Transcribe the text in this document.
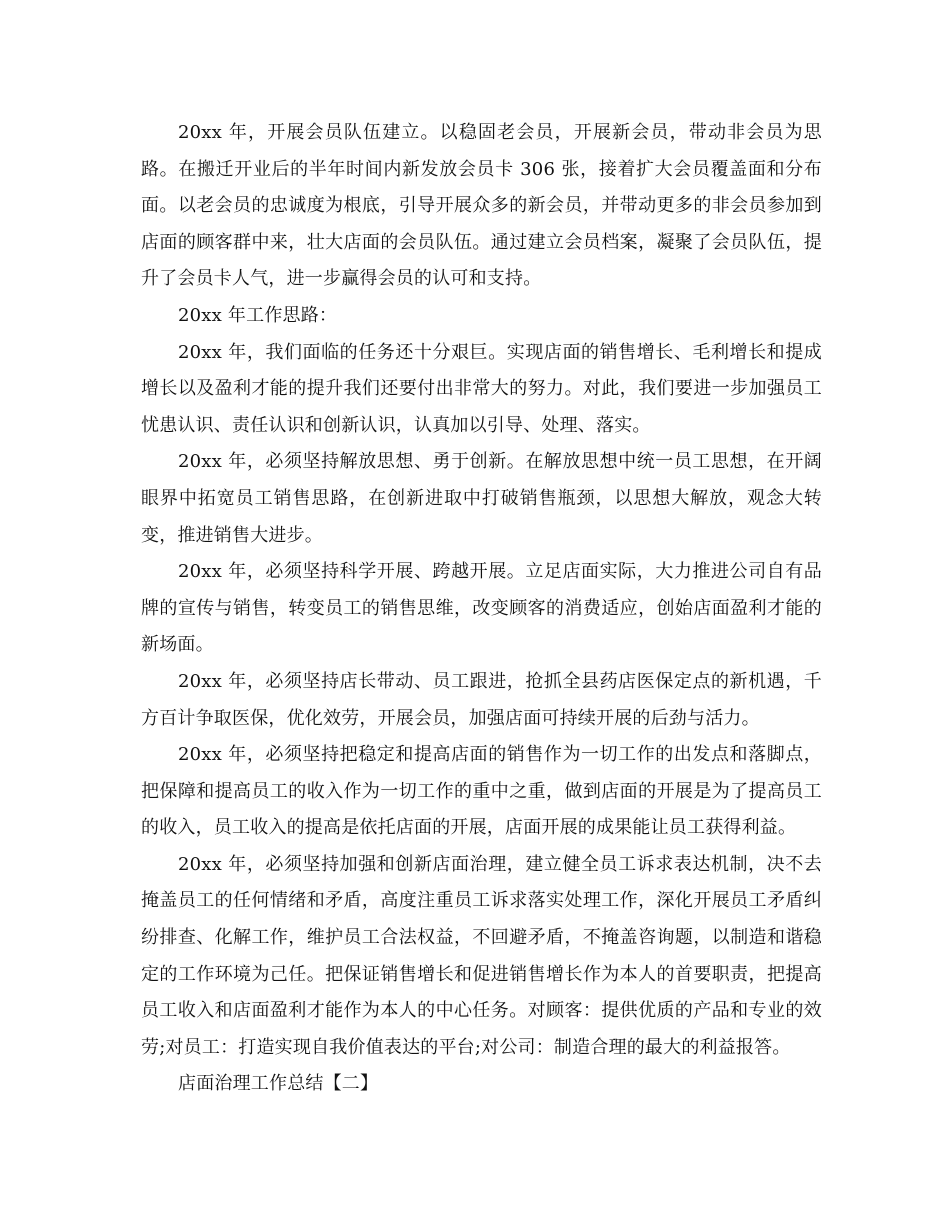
20xx 年，开展会员队伍建立。以稳固老会员，开展新会员，带动非会员为思路。在搬迁开业后的半年时间内新发放会员卡 306 张，接着扩大会员覆盖面和分布面。以老会员的忠诚度为根底，引导开展众多的新会员，并带动更多的非会员参加到店面的顾客群中来，壮大店面的会员队伍。通过建立会员档案，凝聚了会员队伍，提升了会员卡人气，进一步赢得会员的认可和支持。

20xx 年工作思路：

20xx 年，我们面临的任务还十分艰巨。实现店面的销售增长、毛利增长和提成增长以及盈利才能的提升我们还要付出非常大的努力。对此，我们要进一步加强员工忧患认识、责任认识和创新认识，认真加以引导、处理、落实。

20xx 年，必须坚持解放思想、勇于创新。在解放思想中统一员工思想，在开阔眼界中拓宽员工销售思路，在创新进取中打破销售瓶颈，以思想大解放，观念大转变，推进销售大进步。

20xx 年，必须坚持科学开展、跨越开展。立足店面实际，大力推进公司自有品牌的宣传与销售，转变员工的销售思维，改变顾客的消费适应，创始店面盈利才能的新场面。

20xx 年，必须坚持店长带动、员工跟进，抢抓全县药店医保定点的新机遇，千方百计争取医保，优化效劳，开展会员，加强店面可持续开展的后劲与活力。

20xx 年，必须坚持把稳定和提高店面的销售作为一切工作的出发点和落脚点，把保障和提高员工的收入作为一切工作的重中之重，做到店面的开展是为了提高员工的收入，员工收入的提高是依托店面的开展，店面开展的成果能让员工获得利益。

20xx 年，必须坚持加强和创新店面治理，建立健全员工诉求表达机制，决不去掩盖员工的任何情绪和矛盾，高度注重员工诉求落实处理工作，深化开展员工矛盾纠纷排查、化解工作，维护员工合法权益，不回避矛盾，不掩盖咨询题，以制造和谐稳定的工作环境为己任。把保证销售增长和促进销售增长作为本人的首要职责，把提高员工收入和店面盈利才能作为本人的中心任务。对顾客：提供优质的产品和专业的效劳;对员工：打造实现自我价值表达的平台;对公司：制造合理的最大的利益报答。

店面治理工作总结【二】
